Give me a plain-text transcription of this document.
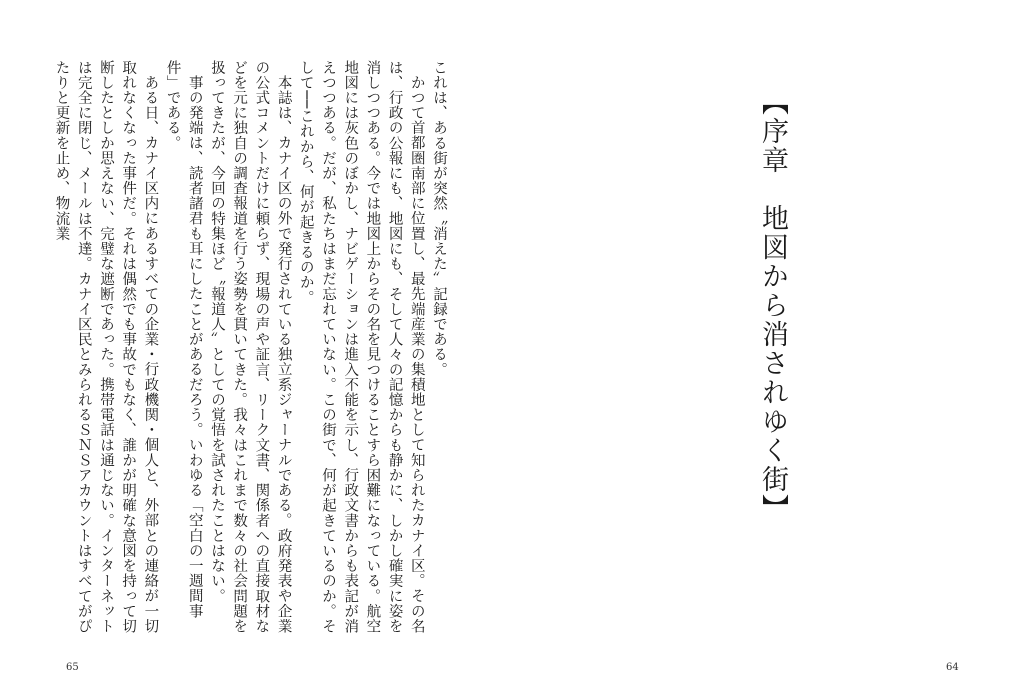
【序章　地図から消されゆく街】

これは、ある街が突然〝消えた〟記録である。

かつて首都圏南部に位置し、最先端産業の集積地として知られたカナイ区。その名は、行政の公報にも、地図にも、そして人々の記憶からも静かに、しかし確実に姿を消しつつある。今では地図上からその名を見つけることすら困難になっている。航空地図には灰色のぼかし、ナビゲーションは進入不能を示し、行政文書からも表記が消えつつある。だが、私たちはまだ忘れていない。この街で、何が起きているのか。そして──これから、何が起きるのか。

本誌は、カナイ区の外で発行されている独立系ジャーナルである。政府発表や企業の公式コメントだけに頼らず、現場の声や証言、リーク文書、関係者への直接取材などを元に独自の調査報道を行う姿勢を貫いてきた。我々はこれまで数々の社会問題を扱ってきたが、今回の特集ほど〝報道人〟としての覚悟を試されたことはない。

事の発端は、読者諸君も耳にしたことがあるだろう。いわゆる「空白の一週間事件」である。

ある日、カナイ区内にあるすべての企業・行政機関・個人と、外部との連絡が一切取れなくなった事件だ。それは偶然でも事故でもなく、誰かが明確な意図を持って切断したとしか思えない、完璧な遮断であった。携帯電話は通じない。インターネットは完全に閉じ、メールは不達。カナイ区民とみられるＳＮＳアカウントはすべてがぴたりと更新を止め、物流業

65	64
